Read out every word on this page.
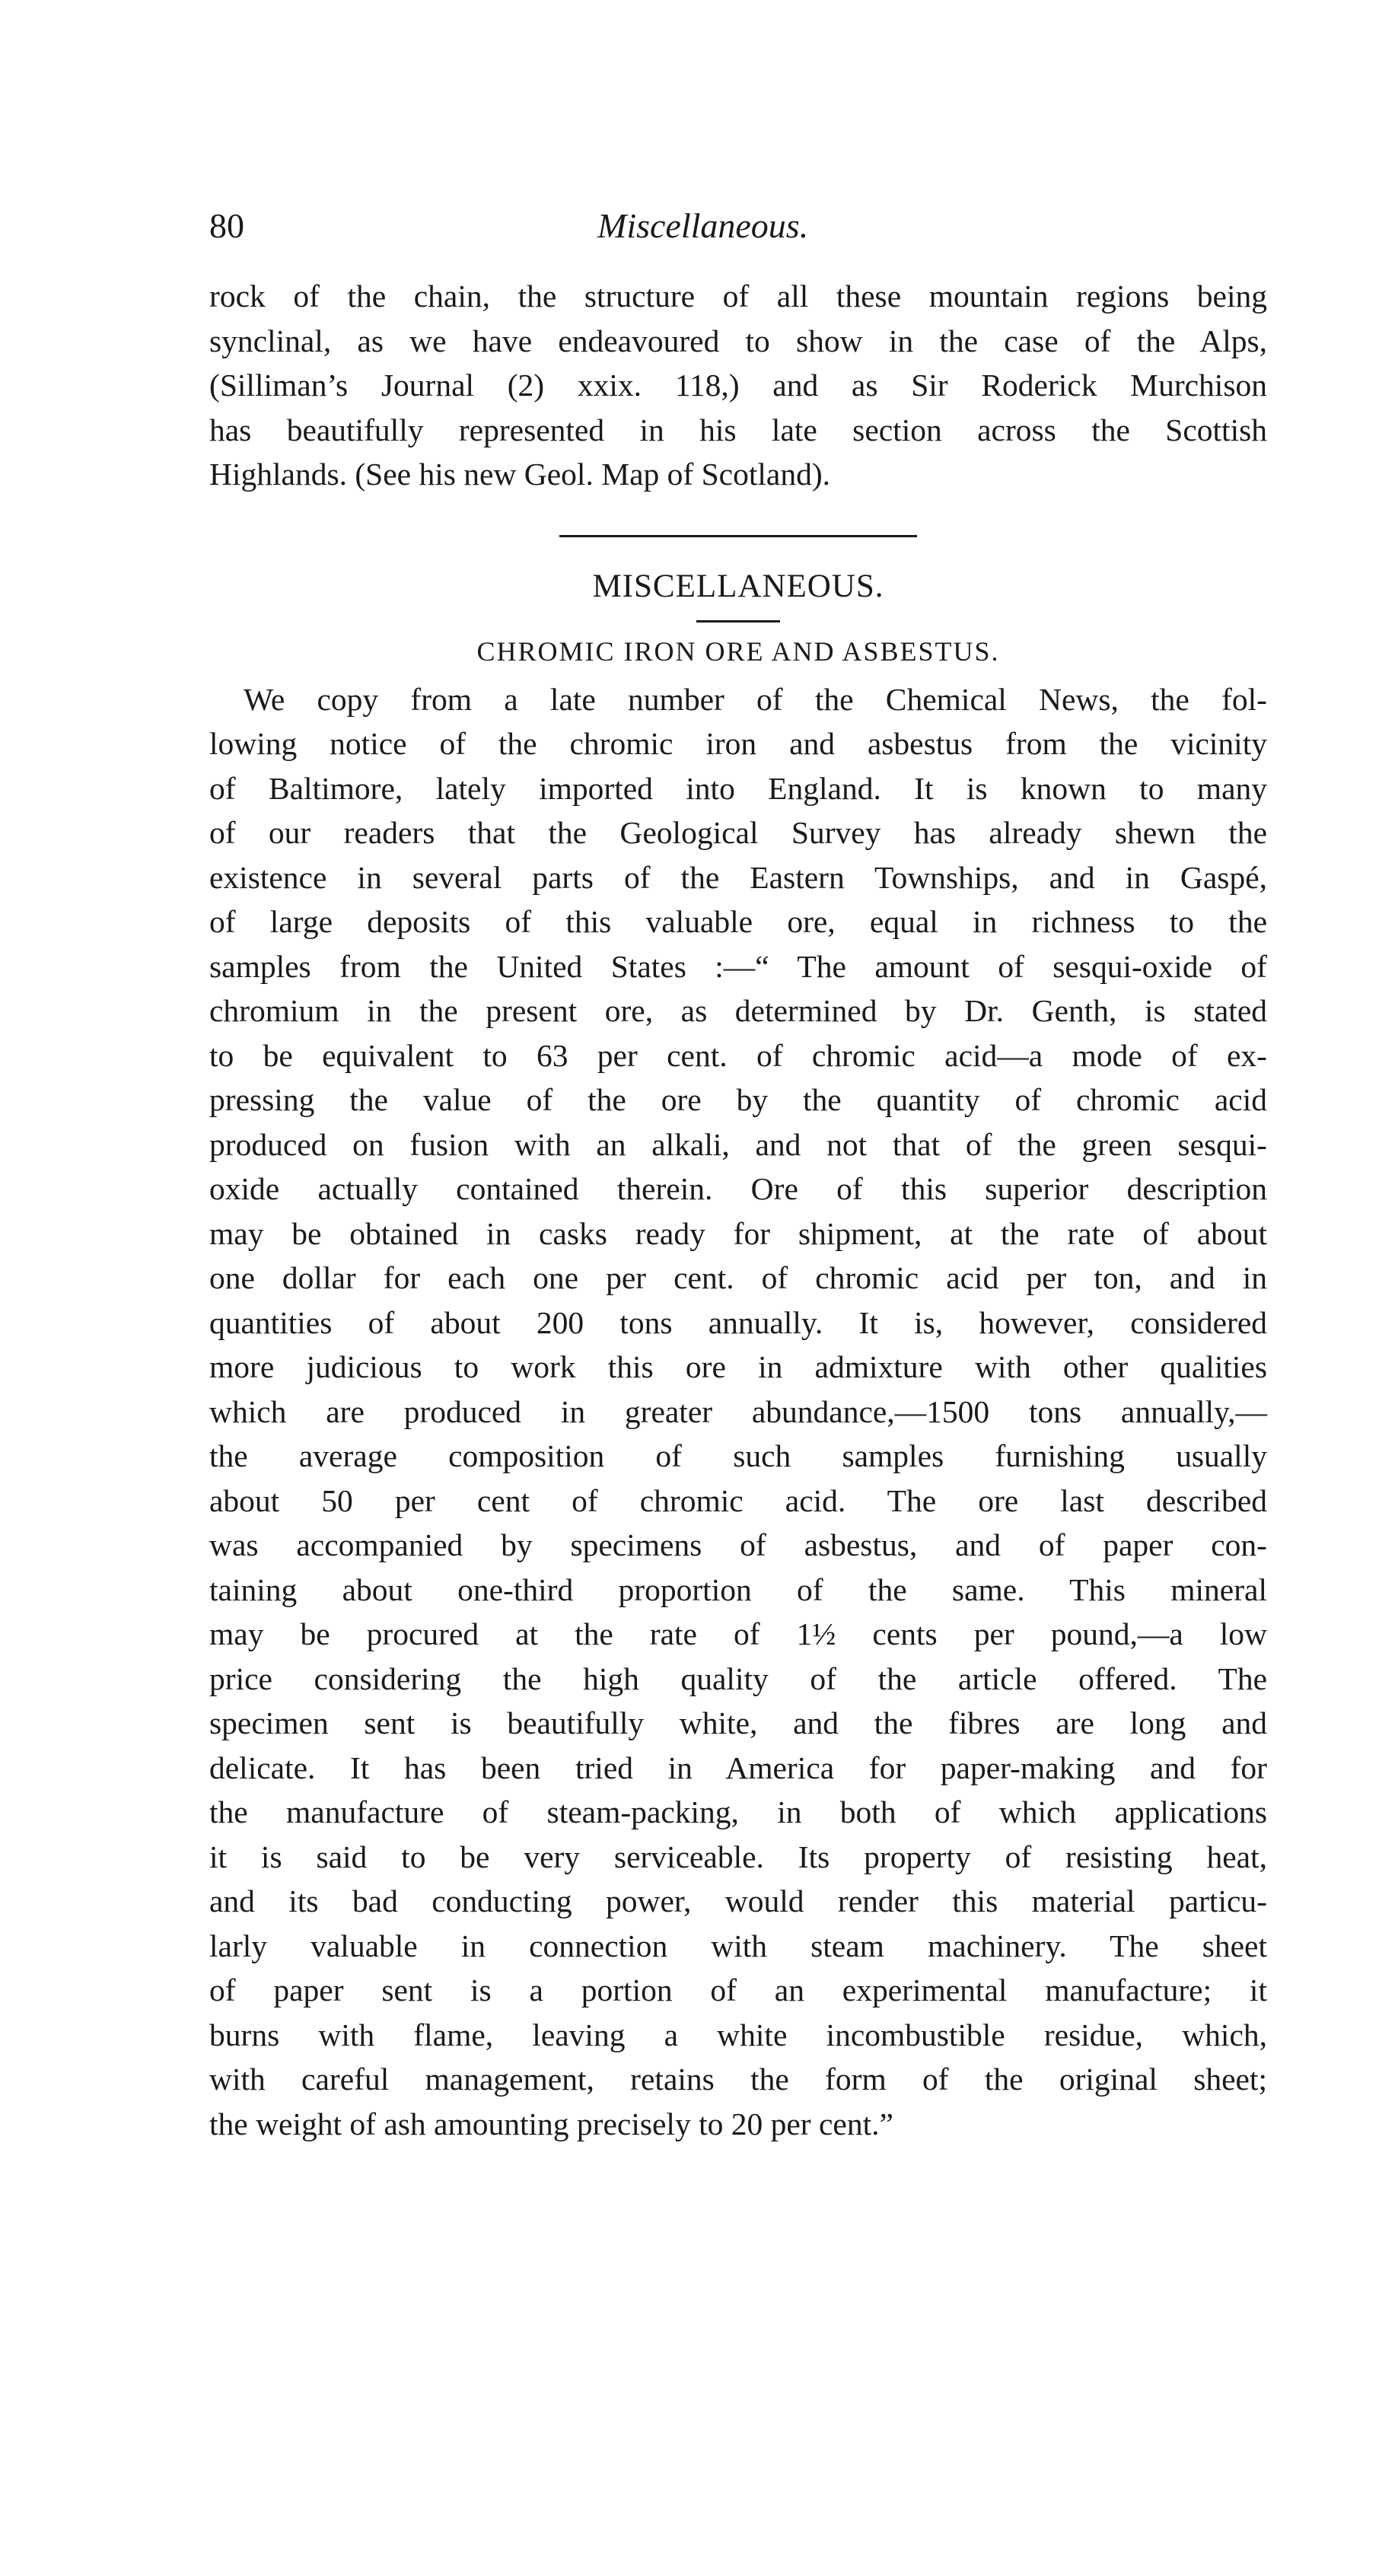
80	Miscellaneous.
rock of the chain, the structure of all these mountain regions being
synclinal, as we have endeavoured to show in the case of the Alps,
(Silliman’s Journal (2) xxix. 118,) and as Sir Roderick Murchison
has beautifully represented in his late section across the Scottish
Highlands. (See his new Geol. Map of Scotland).
MISCELLANEOUS.
CHROMIC IRON ORE AND ASBESTUS.
We copy from a late number of the Chemical News, the fol-
lowing notice of the chromic iron and asbestus from the vicinity
of Baltimore, lately imported into England. It is known to many
of our readers that the Geological Survey has already shewn the
existence in several parts of the Eastern Townships, and in Gaspé,
of large deposits of this valuable ore, equal in richness to the
samples from the United States :—“ The amount of sesqui-oxide of
chromium in the present ore, as determined by Dr. Genth, is stated
to be equivalent to 63 per cent. of chromic acid—a mode of ex-
pressing the value of the ore by the quantity of chromic acid
produced on fusion with an alkali, and not that of the green sesqui-
oxide actually contained therein. Ore of this superior description
may be obtained in casks ready for shipment, at the rate of about
one dollar for each one per cent. of chromic acid per ton, and in
quantities of about 200 tons annually. It is, however, considered
more judicious to work this ore in admixture with other qualities
which are produced in greater abundance,—1500 tons annually,—
the average composition of such samples furnishing usually
about 50 per cent of chromic acid. The ore last described
was accompanied by specimens of asbestus, and of paper con-
taining about one-third proportion of the same. This mineral
may be procured at the rate of 1½ cents per pound,—a low
price considering the high quality of the article offered. The
specimen sent is beautifully white, and the fibres are long and
delicate. It has been tried in America for paper-making and for
the manufacture of steam-packing, in both of which applications
it is said to be very serviceable. Its property of resisting heat,
and its bad conducting power, would render this material particu-
larly valuable in connection with steam machinery. The sheet
of paper sent is a portion of an experimental manufacture; it
burns with flame, leaving a white incombustible residue, which,
with careful management, retains the form of the original sheet;
the weight of ash amounting precisely to 20 per cent.”
